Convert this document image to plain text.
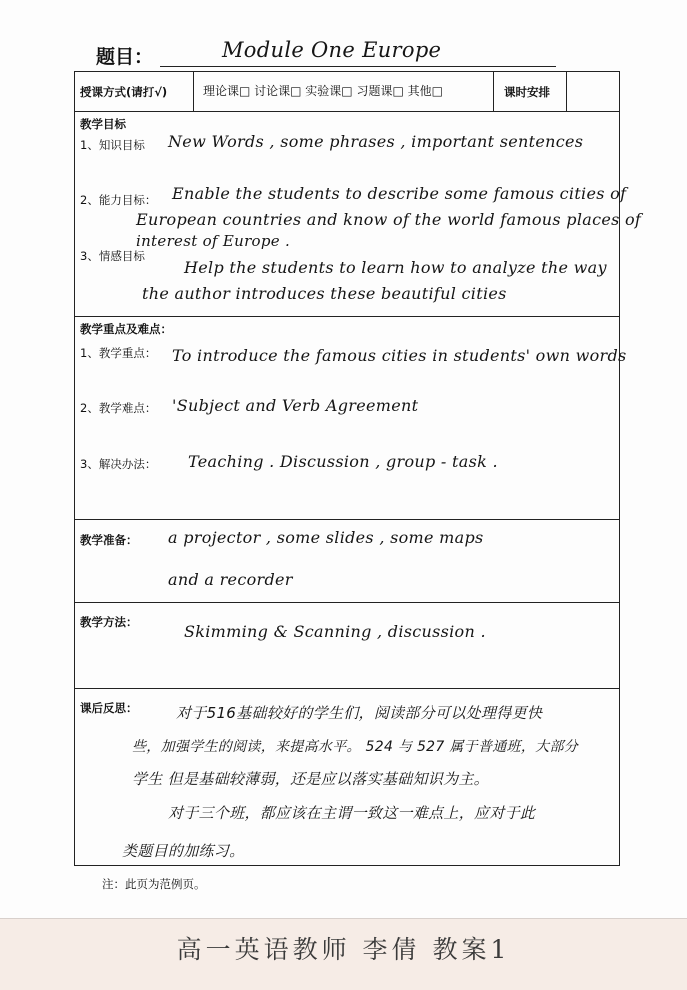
题目：	Module One Europe
授课方式(请打√)	理论课□ 讨论课□ 实验课□ 习题课□ 其他□	课时安排
教学目标
1、知识目标 New Words , some phrases , important sentences
2、能力目标： Enable the students to describe some famous cities of
European countries and know of the world famous places of
interest of Europe .
3、情感目标
Help the students to learn how to analyze the way
the author introduces these beautiful cities
教学重点及难点：
1、教学重点： To introduce the famous cities in students' own words
2、教学难点： 'Subject and Verb Agreement
3、解决办法： Teaching . Discussion , group - task .
教学准备： a projector , some slides , some maps
and a recorder
教学方法：	Skimming & Scanning , discussion .
课后反思：	对于516基础较好的学生们，阅读部分可以处理得更快
些，加强学生的阅读，来提高水平。 524 与 527 属于普通班，大部分
学生 但是基础较薄弱，还是应以落实基础知识为主。
对于三个班，都应该在主谓一致这一难点上，应对于此
类题目的加练习。
注：此页为范例页。
高一英语教师 李倩 教案1
